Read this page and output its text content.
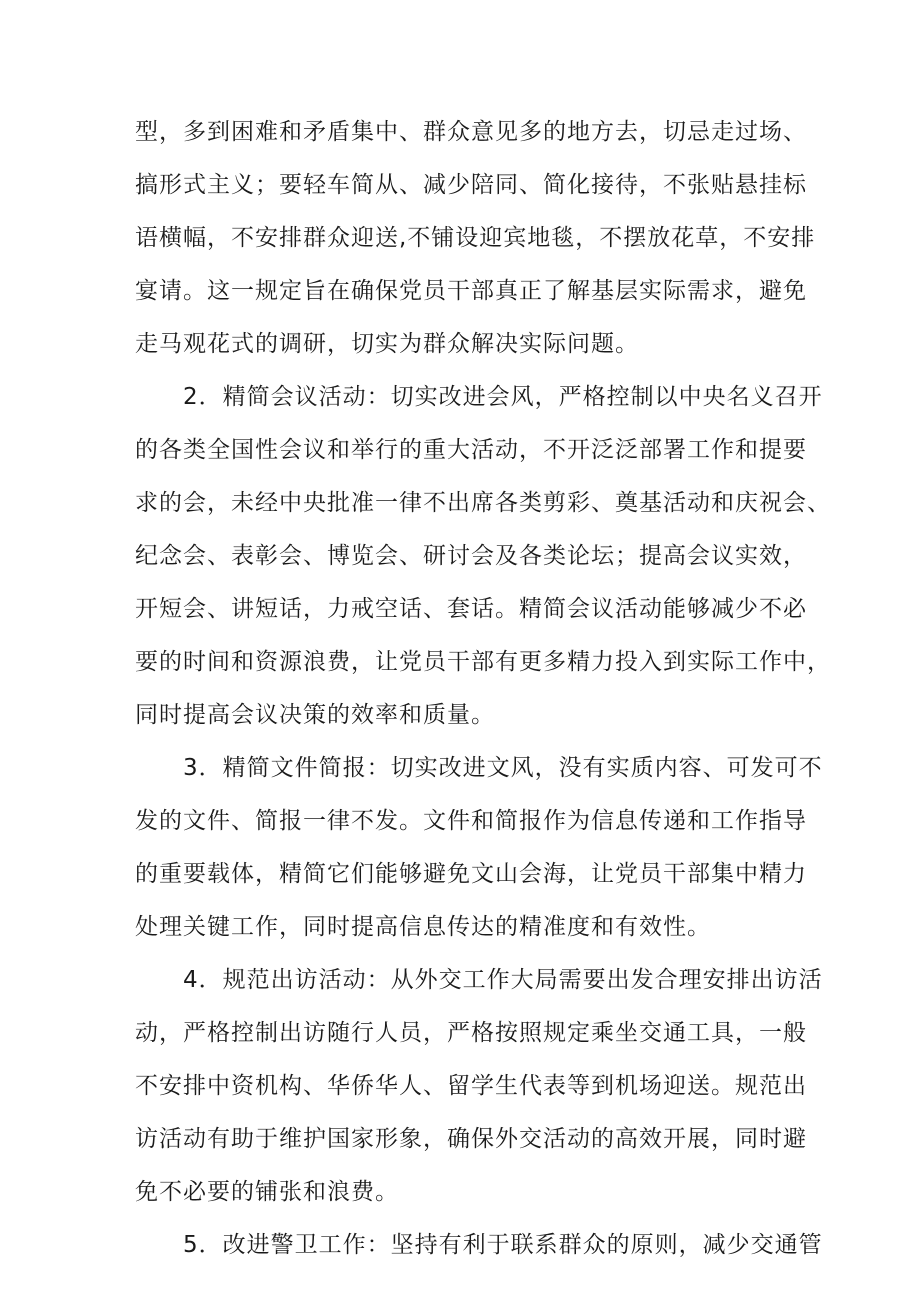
型，多到困难和矛盾集中、群众意见多的地方去，切忌走过场、
搞形式主义；要轻车简从、减少陪同、简化接待，不张贴悬挂标
语横幅，不安排群众迎送,不铺设迎宾地毯，不摆放花草，不安排
宴请。这一规定旨在确保党员干部真正了解基层实际需求，避免
走马观花式的调研，切实为群众解决实际问题。

2．精简会议活动：切实改进会风，严格控制以中央名义召开
的各类全国性会议和举行的重大活动，不开泛泛部署工作和提要
求的会，未经中央批准一律不出席各类剪彩、奠基活动和庆祝会、
纪念会、表彰会、博览会、研讨会及各类论坛；提高会议实效，
开短会、讲短话，力戒空话、套话。精简会议活动能够减少不必
要的时间和资源浪费，让党员干部有更多精力投入到实际工作中，
同时提高会议决策的效率和质量。

3．精简文件简报：切实改进文风，没有实质内容、可发可不
发的文件、简报一律不发。文件和简报作为信息传递和工作指导
的重要载体，精简它们能够避免文山会海，让党员干部集中精力
处理关键工作，同时提高信息传达的精准度和有效性。

4．规范出访活动：从外交工作大局需要出发合理安排出访活
动，严格控制出访随行人员，严格按照规定乘坐交通工具，一般
不安排中资机构、华侨华人、留学生代表等到机场迎送。规范出
访活动有助于维护国家形象，确保外交活动的高效开展，同时避
免不必要的铺张和浪费。

5．改进警卫工作：坚持有利于联系群众的原则，减少交通管
